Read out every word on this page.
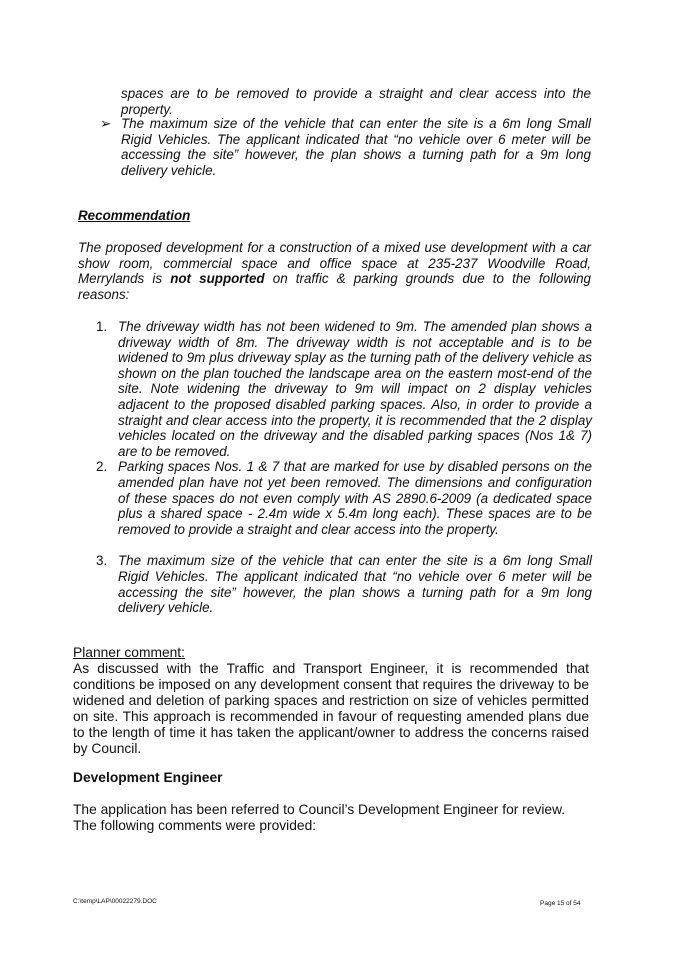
spaces are to be removed to provide a straight and clear access into the property.
➢ The maximum size of the vehicle that can enter the site is a 6m long Small Rigid Vehicles. The applicant indicated that “no vehicle over 6 meter will be accessing the site” however, the plan shows a turning path for a 9m long delivery vehicle.
Recommendation
The proposed development for a construction of a mixed use development with a car show room, commercial space and office space at 235-237 Woodville Road, Merrylands is not supported on traffic & parking grounds due to the following reasons:
1. The driveway width has not been widened to 9m. The amended plan shows a driveway width of 8m. The driveway width is not acceptable and is to be widened to 9m plus driveway splay as the turning path of the delivery vehicle as shown on the plan touched the landscape area on the eastern most-end of the site. Note widening the driveway to 9m will impact on 2 display vehicles adjacent to the proposed disabled parking spaces. Also, in order to provide a straight and clear access into the property, it is recommended that the 2 display vehicles located on the driveway and the disabled parking spaces (Nos 1& 7) are to be removed.
2. Parking spaces Nos. 1 & 7 that are marked for use by disabled persons on the amended plan have not yet been removed. The dimensions and configuration of these spaces do not even comply with AS 2890.6-2009 (a dedicated space plus a shared space - 2.4m wide x 5.4m long each). These spaces are to be removed to provide a straight and clear access into the property.
3. The maximum size of the vehicle that can enter the site is a 6m long Small Rigid Vehicles. The applicant indicated that “no vehicle over 6 meter will be accessing the site” however, the plan shows a turning path for a 9m long delivery vehicle.
Planner comment:
As discussed with the Traffic and Transport Engineer, it is recommended that conditions be imposed on any development consent that requires the driveway to be widened and deletion of parking spaces and restriction on size of vehicles permitted on site. This approach is recommended in favour of requesting amended plans due to the length of time it has taken the applicant/owner to address the concerns raised by Council.
Development Engineer
The application has been referred to Council’s Development Engineer for review. The following comments were provided:
C:\temp\LAP\00022279.DOC	Page 15 of 54
